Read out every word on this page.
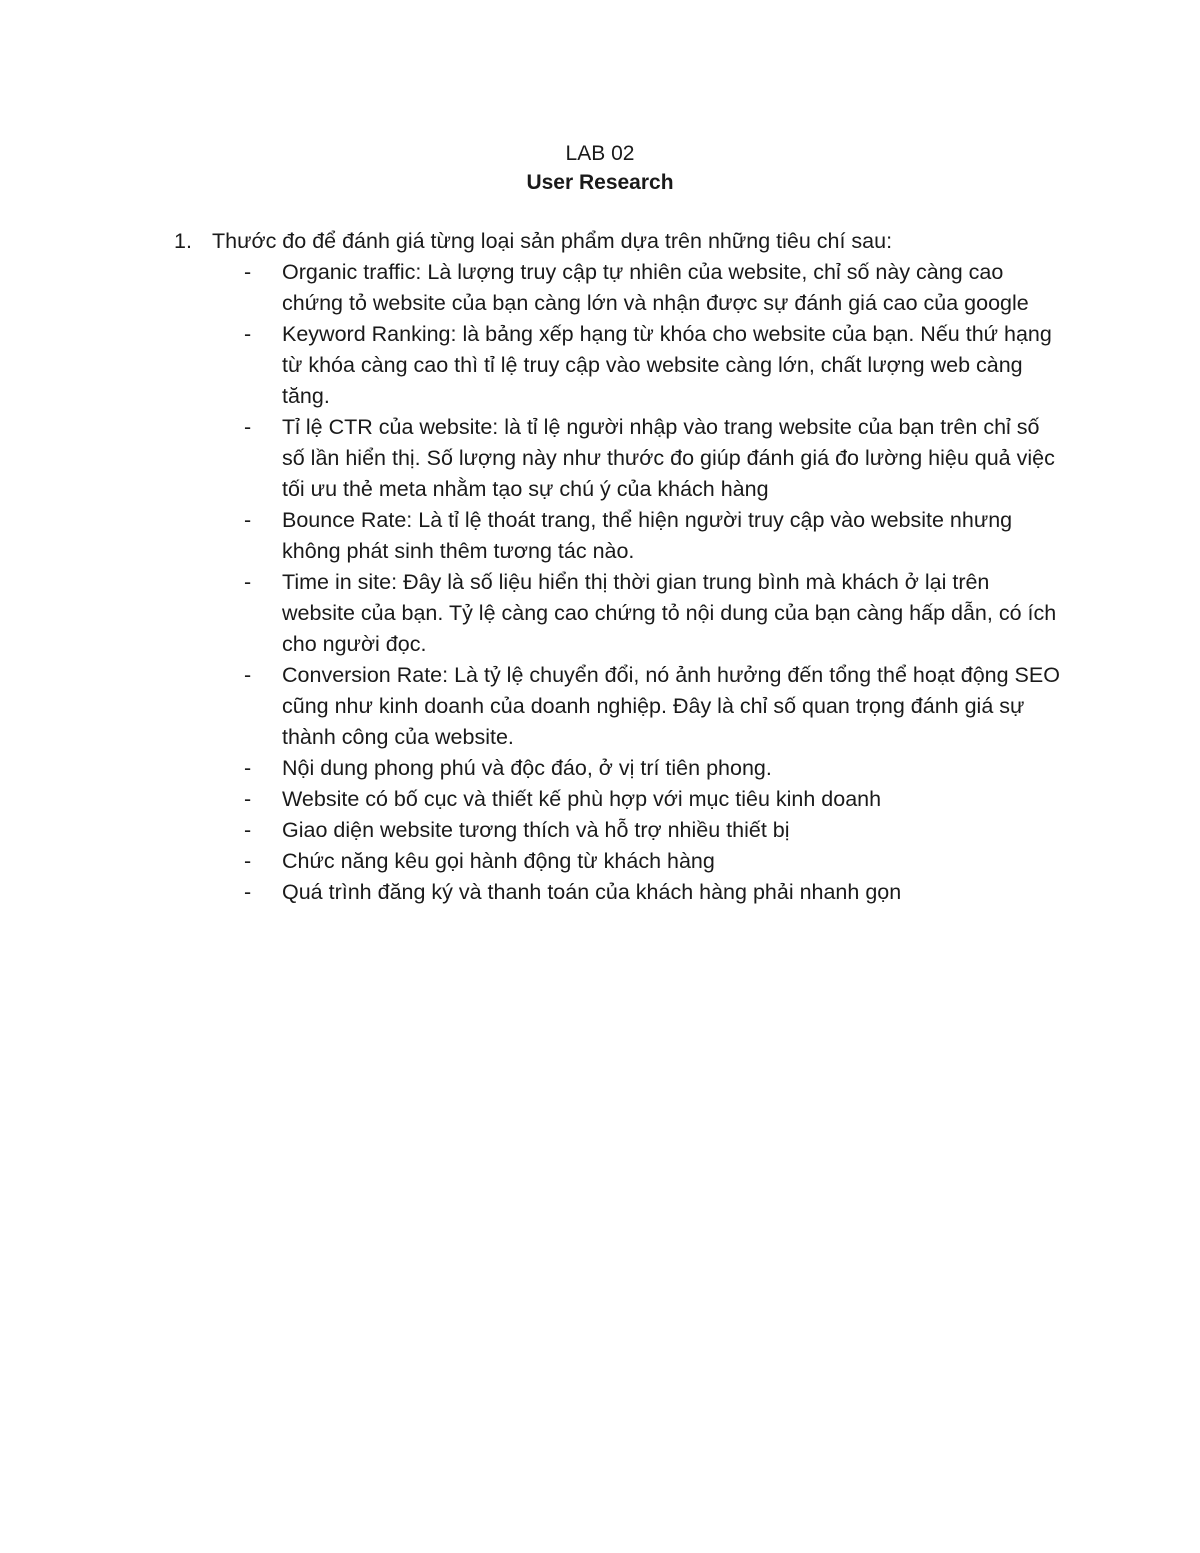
LAB 02
User Research
1. Thước đo để đánh giá từng loại sản phẩm dựa trên những tiêu chí sau:
-	Organic traffic: Là lượng truy cập tự nhiên của website, chỉ số này càng cao chứng tỏ website của bạn càng lớn và nhận được sự đánh giá cao của google
-	Keyword Ranking: là bảng xếp hạng từ khóa cho website của bạn. Nếu thứ hạng từ khóa càng cao thì tỉ lệ truy cập vào website càng lớn, chất lượng web càng tăng.
-	Tỉ lệ CTR của website: là tỉ lệ người nhập vào trang website của bạn trên chỉ số số lần hiển thị. Số lượng này như thước đo giúp đánh giá đo lường hiệu quả việc tối ưu thẻ meta nhằm tạo sự chú ý của khách hàng
-	Bounce Rate: Là tỉ lệ thoát trang, thể hiện người truy cập vào website nhưng không phát sinh thêm tương tác nào.
-	Time in site: Đây là số liệu hiển thị thời gian trung bình mà khách ở lại trên website của bạn. Tỷ lệ càng cao chứng tỏ nội dung của bạn càng hấp dẫn, có ích cho người đọc.
-	Conversion Rate: Là tỷ lệ chuyển đổi, nó ảnh hưởng đến tổng thể hoạt động SEO cũng như kinh doanh của doanh nghiệp. Đây là chỉ số quan trọng đánh giá sự thành công của website.
-	Nội dung phong phú và độc đáo, ở vị trí tiên phong.
-	Website có bố cục và thiết kế phù hợp với mục tiêu kinh doanh
-	Giao diện website tương thích và hỗ trợ nhiều thiết bị
-	Chức năng kêu gọi hành động từ khách hàng
-	Quá trình đăng ký và thanh toán của khách hàng phải nhanh gọn
